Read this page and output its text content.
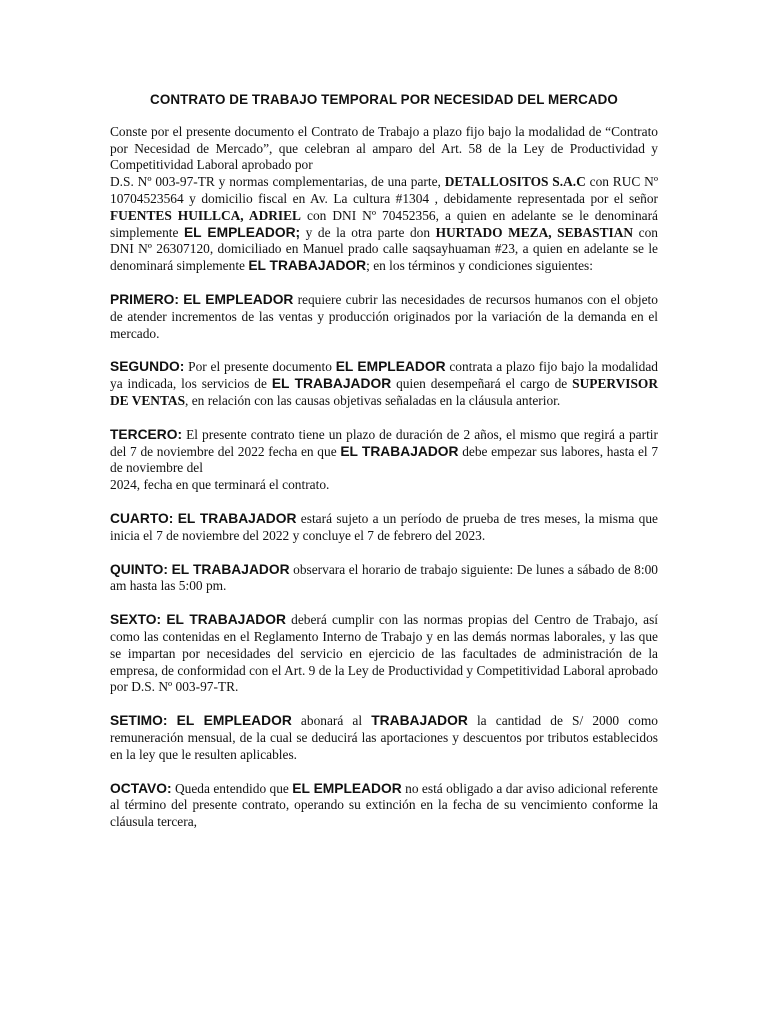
CONTRATO DE TRABAJO TEMPORAL POR NECESIDAD DEL MERCADO

Conste por el presente documento el Contrato de Trabajo a plazo fijo bajo la modalidad de “Contrato por Necesidad de Mercado”, que celebran al amparo del Art. 58 de la Ley de Productividad y Competitividad Laboral aprobado por
D.S. Nº 003-97-TR y normas complementarias, de una parte, DETALLOSITOS S.A.C con RUC Nº 10704523564 y domicilio fiscal en Av. La cultura #1304 , debidamente representada por el señor FUENTES HUILLCA, ADRIEL con DNI Nº 70452356, a quien en adelante se le denominará simplemente EL EMPLEADOR; y de la otra parte don HURTADO MEZA, SEBASTIAN con DNI Nº 26307120, domiciliado en Manuel prado calle saqsayhuaman #23, a quien en adelante se le denominará simplemente EL TRABAJADOR; en los términos y condiciones siguientes:

PRIMERO: EL EMPLEADOR requiere cubrir las necesidades de recursos humanos con el objeto de atender incrementos de las ventas y producción originados por la variación de la demanda en el mercado.

SEGUNDO: Por el presente documento EL EMPLEADOR contrata a plazo fijo bajo la modalidad ya indicada, los servicios de EL TRABAJADOR quien desempeñará el cargo de SUPERVISOR DE VENTAS, en relación con las causas objetivas señaladas en la cláusula anterior.

TERCERO: El presente contrato tiene un plazo de duración de 2 años, el mismo que regirá a partir del 7 de noviembre del 2022 fecha en que EL TRABAJADOR debe empezar sus labores, hasta el 7 de noviembre del
2024, fecha en que terminará el contrato.

CUARTO: EL TRABAJADOR estará sujeto a un período de prueba de tres meses, la misma que inicia el 7 de noviembre del 2022 y concluye el 7 de febrero del 2023.

QUINTO: EL TRABAJADOR observara el horario de trabajo siguiente: De lunes a sábado de 8:00 am hasta las 5:00 pm.

SEXTO: EL TRABAJADOR deberá cumplir con las normas propias del Centro de Trabajo, así como las contenidas en el Reglamento Interno de Trabajo y en las demás normas laborales, y las que se impartan por necesidades del servicio en ejercicio de las facultades de administración de la empresa, de conformidad con el Art. 9 de la Ley de Productividad y Competitividad Laboral aprobado por D.S. Nº 003-97-TR.

SETIMO: EL EMPLEADOR abonará al TRABAJADOR la cantidad de S/ 2000 como remuneración mensual, de la cual se deducirá las aportaciones y descuentos por tributos establecidos en la ley que le resulten aplicables.

OCTAVO: Queda entendido que EL EMPLEADOR no está obligado a dar aviso adicional referente al término del presente contrato, operando su extinción en la fecha de su vencimiento conforme la cláusula tercera,
